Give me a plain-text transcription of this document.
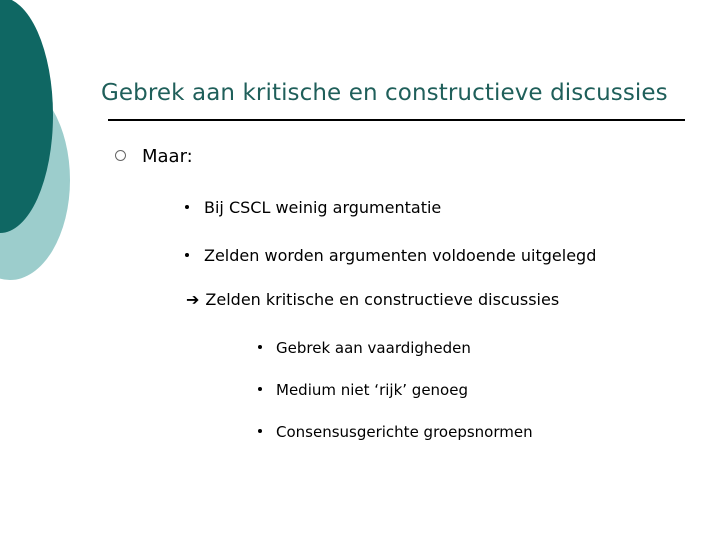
Gebrek aan kritische en constructieve discussies
Maar:
Bij CSCL weinig argumentatie
Zelden worden argumenten voldoende uitgelegd
➔ Zelden kritische en constructieve discussies
Gebrek aan vaardigheden
Medium niet ‘rijk’ genoeg
Consensusgerichte groepsnormen
